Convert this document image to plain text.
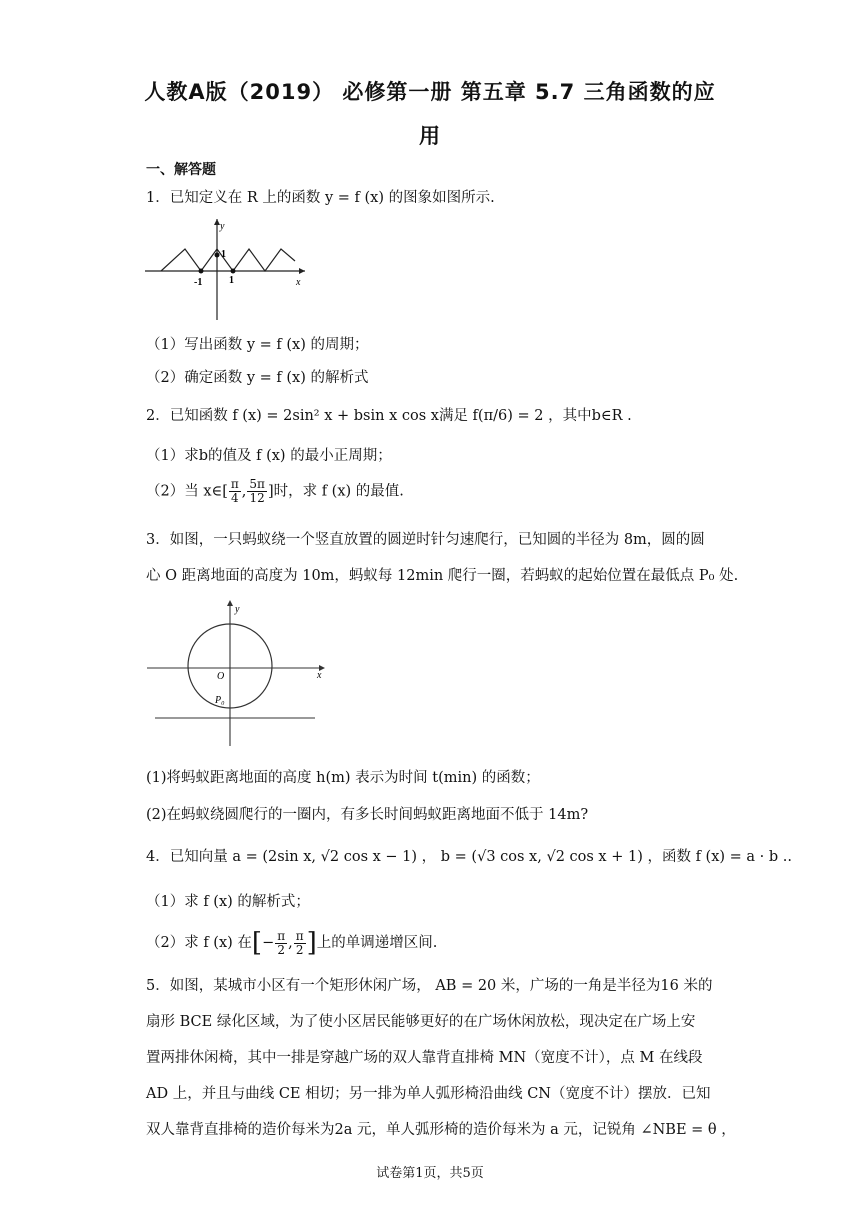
人教A版（2019） 必修第一册 第五章 5.7 三角函数的应
用
一、解答题
1．已知定义在 R 上的函数 y = f (x) 的图象如图所示.
y
x
-1	1
1
（1）写出函数 y = f (x) 的周期；
（2）确定函数 y = f (x) 的解析式
2．已知函数 f (x) = 2sin² x + bsin x cos x满足 f(π/6) = 2 ，其中b∈R .
（1）求b的值及 f (x) 的最小正周期；
（2）当 x∈[ $\frac{\pi}{4}$ , $\frac{5\pi}{12}$ ]时，求 f (x) 的最值.
3．如图，一只蚂蚁绕一个竖直放置的圆逆时针匀速爬行，已知圆的半径为 8m，圆的圆
心 O 距离地面的高度为 10m，蚂蚁每 12min 爬行一圈，若蚂蚁的起始位置在最低点 P₀ 处.
y
x
O
P₀
(1)将蚂蚁距离地面的高度 h(m) 表示为时间 t(min) 的函数；
(2)在蚂蚁绕圆爬行的一圈内，有多长时间蚂蚁距离地面不低于 14m?
4．已知向量 a = (2sin x, √2 cos x − 1) ， b = (√3 cos x, √2 cos x + 1) ，函数 f (x) = a · b ..
（1）求 f (x) 的解析式；
（2）求 f (x) 在[− $\frac{\pi}{2}$ , $\frac{\pi}{2}$ ]上的单调递增区间.
5．如图，某城市小区有一个矩形休闲广场， AB = 20 米，广场的一角是半径为16 米的
扇形 BCE 绿化区域，为了使小区居民能够更好的在广场休闲放松，现决定在广场上安
置两排休闲椅，其中一排是穿越广场的双人靠背直排椅 MN（宽度不计），点 M 在线段
AD 上，并且与曲线 CE 相切；另一排为单人弧形椅沿曲线 CN（宽度不计）摆放．已知
双人靠背直排椅的造价每米为2a 元，单人弧形椅的造价每米为 a 元，记锐角 ∠NBE = θ ，
试卷第1页，共5页
